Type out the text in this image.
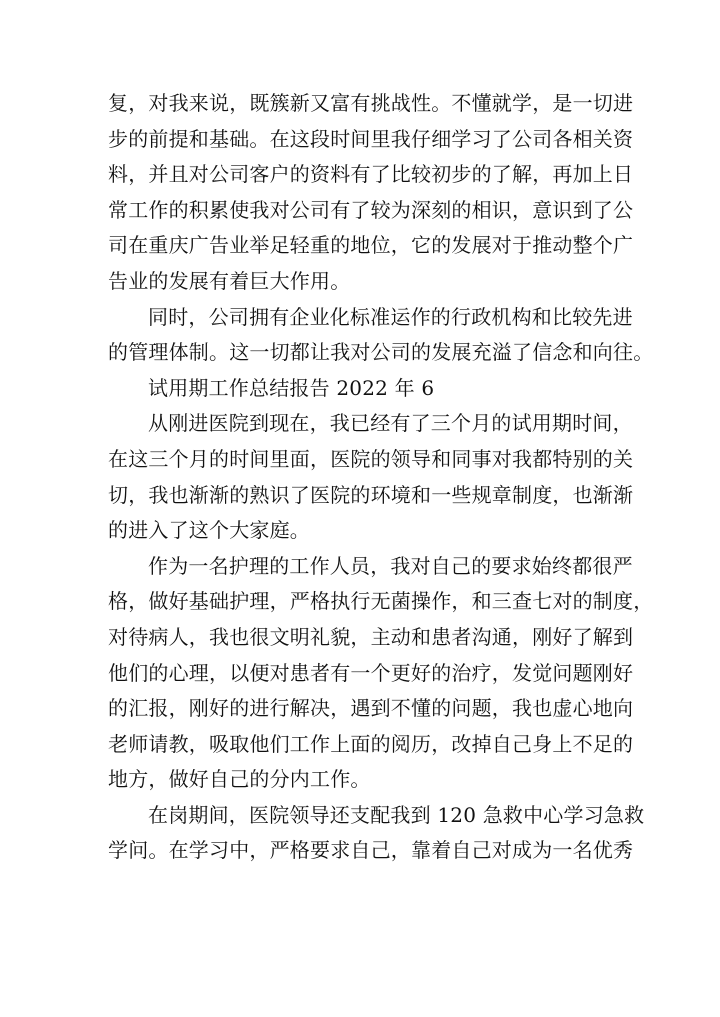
复，对我来说，既簇新又富有挑战性。不懂就学，是一切进
步的前提和基础。在这段时间里我仔细学习了公司各相关资
料，并且对公司客户的资料有了比较初步的了解，再加上日
常工作的积累使我对公司有了较为深刻的相识，意识到了公
司在重庆广告业举足轻重的地位，它的发展对于推动整个广
告业的发展有着巨大作用。
同时，公司拥有企业化标准运作的行政机构和比较先进
的管理体制。这一切都让我对公司的发展充溢了信念和向往。
试用期工作总结报告 2022 年 6
从刚进医院到现在，我已经有了三个月的试用期时间，
在这三个月的时间里面，医院的领导和同事对我都特别的关
切，我也渐渐的熟识了医院的环境和一些规章制度，也渐渐
的进入了这个大家庭。
作为一名护理的工作人员，我对自己的要求始终都很严
格，做好基础护理，严格执行无菌操作，和三查七对的制度，
对待病人，我也很文明礼貌，主动和患者沟通，刚好了解到
他们的心理，以便对患者有一个更好的治疗，发觉问题刚好
的汇报，刚好的进行解决，遇到不懂的问题，我也虚心地向
老师请教，吸取他们工作上面的阅历，改掉自己身上不足的
地方，做好自己的分内工作。
在岗期间，医院领导还支配我到 120 急救中心学习急救
学问。在学习中，严格要求自己，靠着自己对成为一名优秀
